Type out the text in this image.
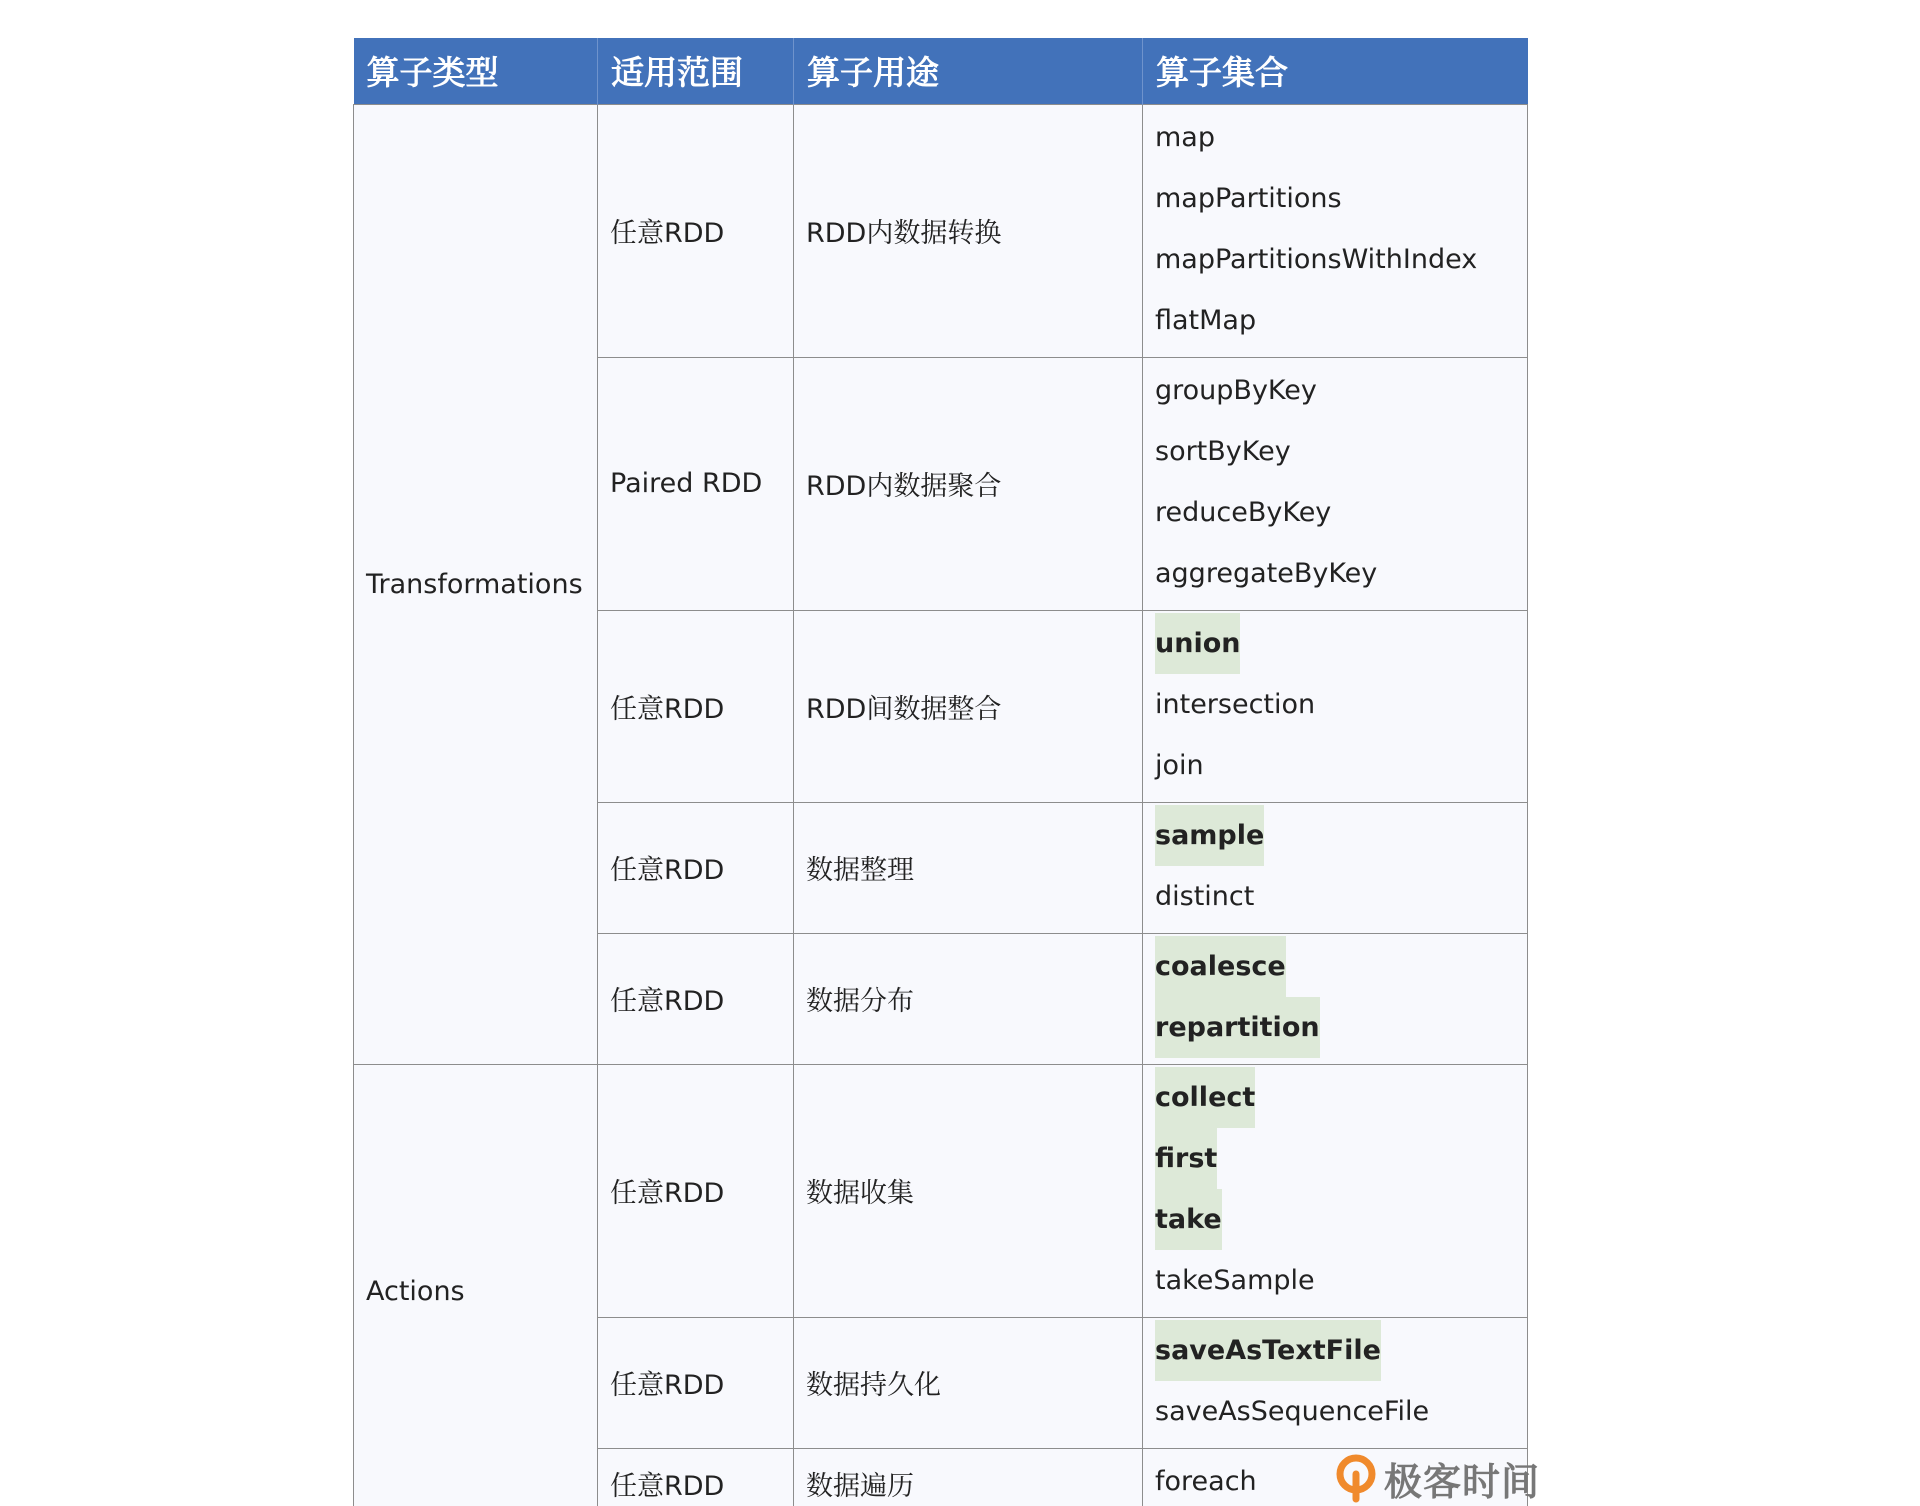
算子类型	适用范围	算子用途	算子集合
Transformations	任意RDD	RDD内数据转换	map
mapPartitions
mapPartitionsWithIndex
flatMap

	Paired RDD	RDD内数据聚合	groupByKey
sortByKey
reduceByKey
aggregateByKey

	任意RDD	RDD间数据整合	union
intersection
join

	任意RDD	数据整理	sample
distinct

	任意RDD	数据分布	coalesce
repartition

Actions	任意RDD	数据收集	collect
first
take
takeSample

	任意RDD	数据持久化	saveAsTextFile
saveAsSequenceFile

	任意RDD	数据遍历	foreach	极客时间
